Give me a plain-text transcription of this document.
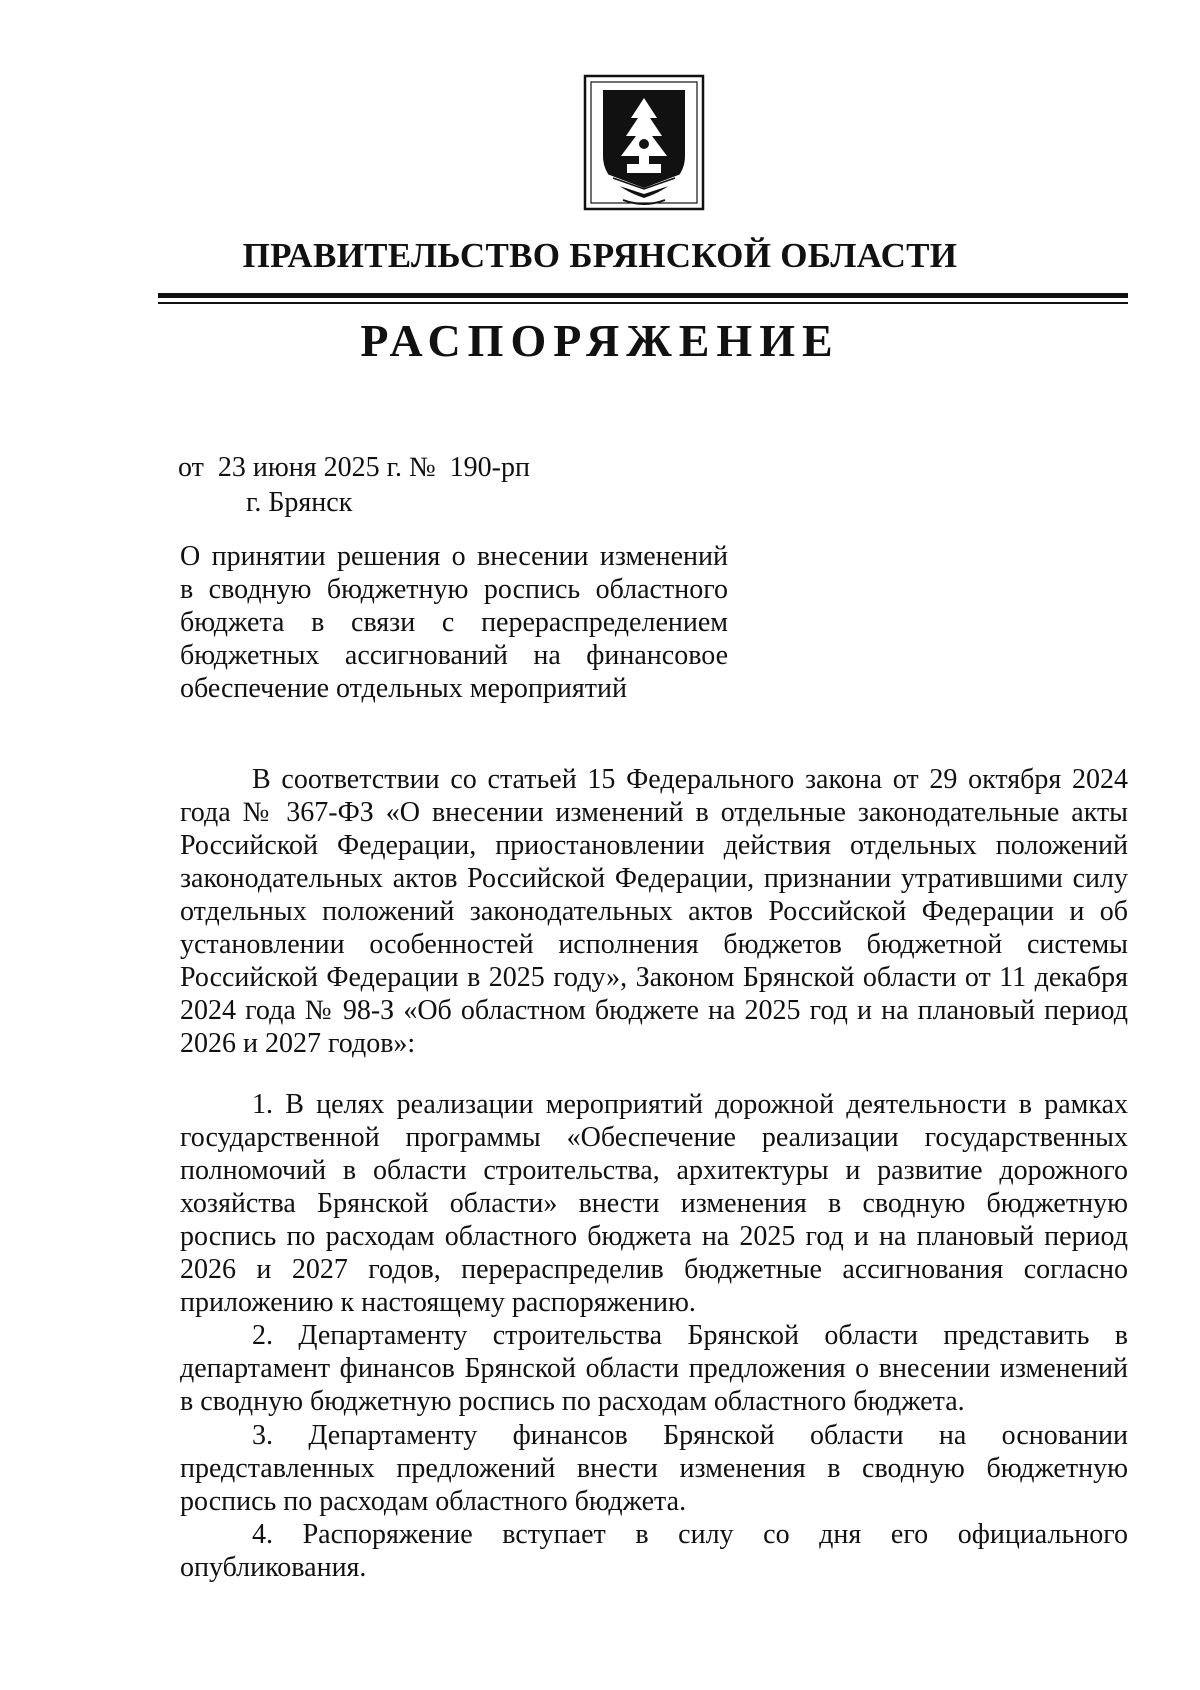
ПРАВИТЕЛЬСТВО БРЯНСКОЙ ОБЛАСТИ
РАСПОРЯЖЕНИЕ
от  23 июня 2025 г. №  190-рп
г. Брянск
О принятии решения о внесении изменений
в сводную бюджетную роспись областного
бюджета в связи с перераспределением
бюджетных ассигнований на финансовое
обеспечение отдельных мероприятий
В соответствии со статьей 15 Федерального закона от 29 октября 2024 года № 367-ФЗ «О внесении изменений в отдельные законодательные акты Российской Федерации, приостановлении действия отдельных положений законодательных актов Российской Федерации, признании утратившими силу отдельных положений законодательных актов Российской Федерации и об установлении особенностей исполнения бюджетов бюджетной системы Российской Федерации в 2025 году», Законом Брянской области от 11 декабря 2024 года № 98-З «Об областном бюджете на 2025 год и на плановый период 2026 и 2027 годов»:
1. В целях реализации мероприятий дорожной деятельности в рамках государственной программы «Обеспечение реализации государственных полномочий в области строительства, архитектуры и развитие дорожного хозяйства Брянской области» внести изменения в сводную бюджетную роспись по расходам областного бюджета на 2025 год и на плановый период 2026 и 2027 годов, перераспределив бюджетные ассигнования согласно приложению к настоящему распоряжению.
2. Департаменту строительства Брянской области представить в департамент финансов Брянской области предложения о внесении изменений в сводную бюджетную роспись по расходам областного бюджета.
3. Департаменту финансов Брянской области на основании представленных предложений внести изменения в сводную бюджетную роспись по расходам областного бюджета.
4. Распоряжение вступает в силу со дня его официального опубликования.
